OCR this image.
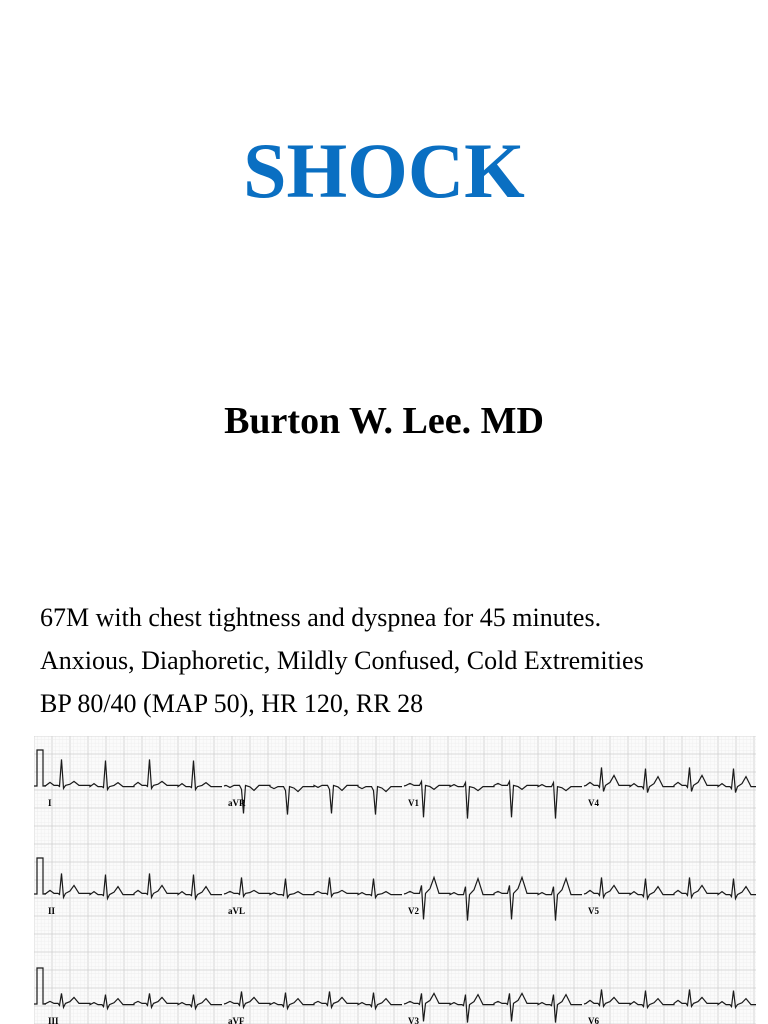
SHOCK
Burton W. Lee. MD
67M with chest tightness and dyspnea for 45 minutes.
Anxious, Diaphoretic, Mildly Confused, Cold Extremities
BP 80/40 (MAP 50), HR 120, RR 28
I	aVR	V1	V4
II	aVL	V2	V5
III	aVF	V3	V6
